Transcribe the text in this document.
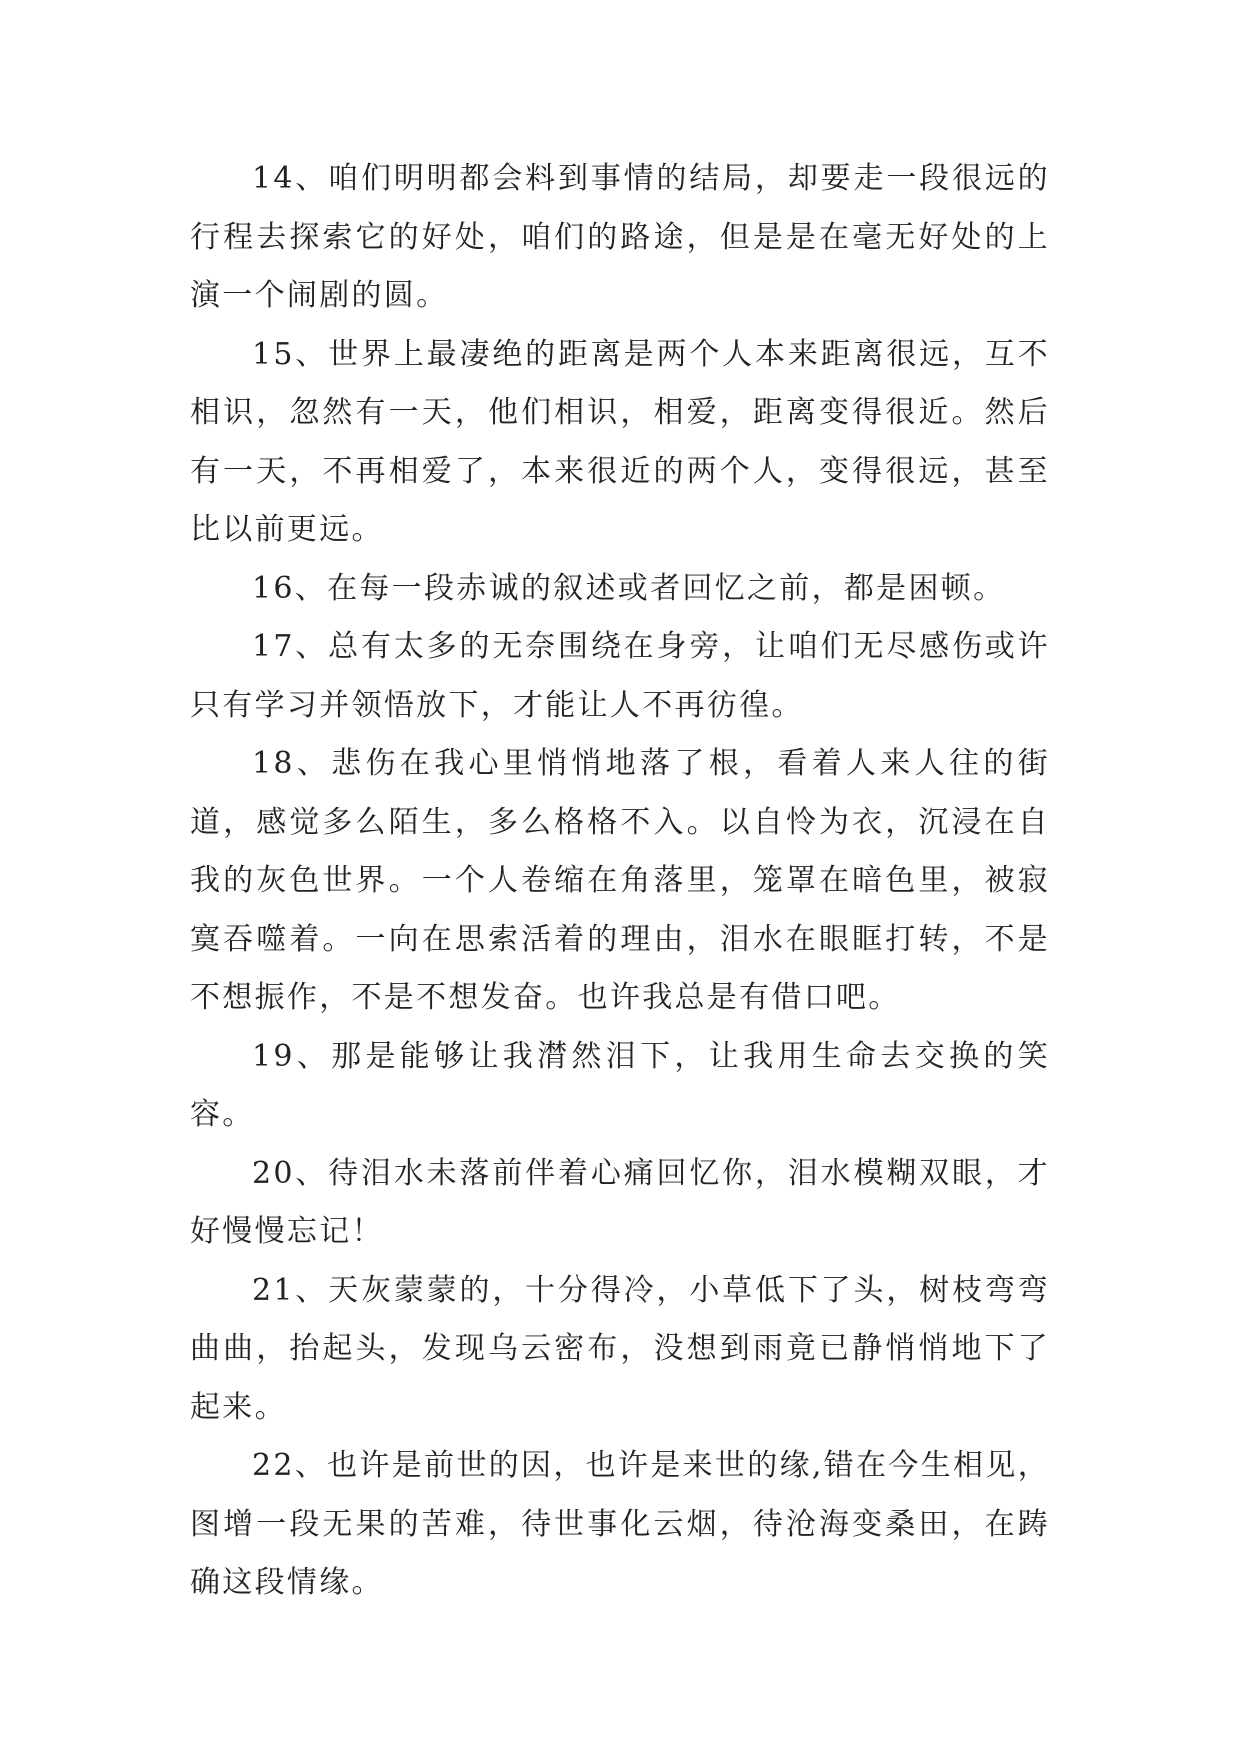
14、咱们明明都会料到事情的结局，却要走一段很远的行程去探索它的好处，咱们的路途，但是是在毫无好处的上演一个闹剧的圆。

15、世界上最凄绝的距离是两个人本来距离很远，互不相识，忽然有一天，他们相识，相爱，距离变得很近。然后有一天，不再相爱了，本来很近的两个人，变得很远，甚至比以前更远。

16、在每一段赤诚的叙述或者回忆之前，都是困顿。

17、总有太多的无奈围绕在身旁，让咱们无尽感伤或许只有学习并领悟放下，才能让人不再彷徨。

18、悲伤在我心里悄悄地落了根，看着人来人往的街道，感觉多么陌生，多么格格不入。以自怜为衣，沉浸在自我的灰色世界。一个人卷缩在角落里，笼罩在暗色里，被寂寞吞噬着。一向在思索活着的理由，泪水在眼眶打转，不是不想振作，不是不想发奋。也许我总是有借口吧。

19、那是能够让我潸然泪下，让我用生命去交换的笑容。

20、待泪水未落前伴着心痛回忆你，泪水模糊双眼，才好慢慢忘记！

21、天灰蒙蒙的，十分得冷，小草低下了头，树枝弯弯曲曲，抬起头，发现乌云密布，没想到雨竟已静悄悄地下了起来。

22、也许是前世的因，也许是来世的缘,错在今生相见，图增一段无果的苦难，待世事化云烟，待沧海变桑田，在踌确这段情缘。
